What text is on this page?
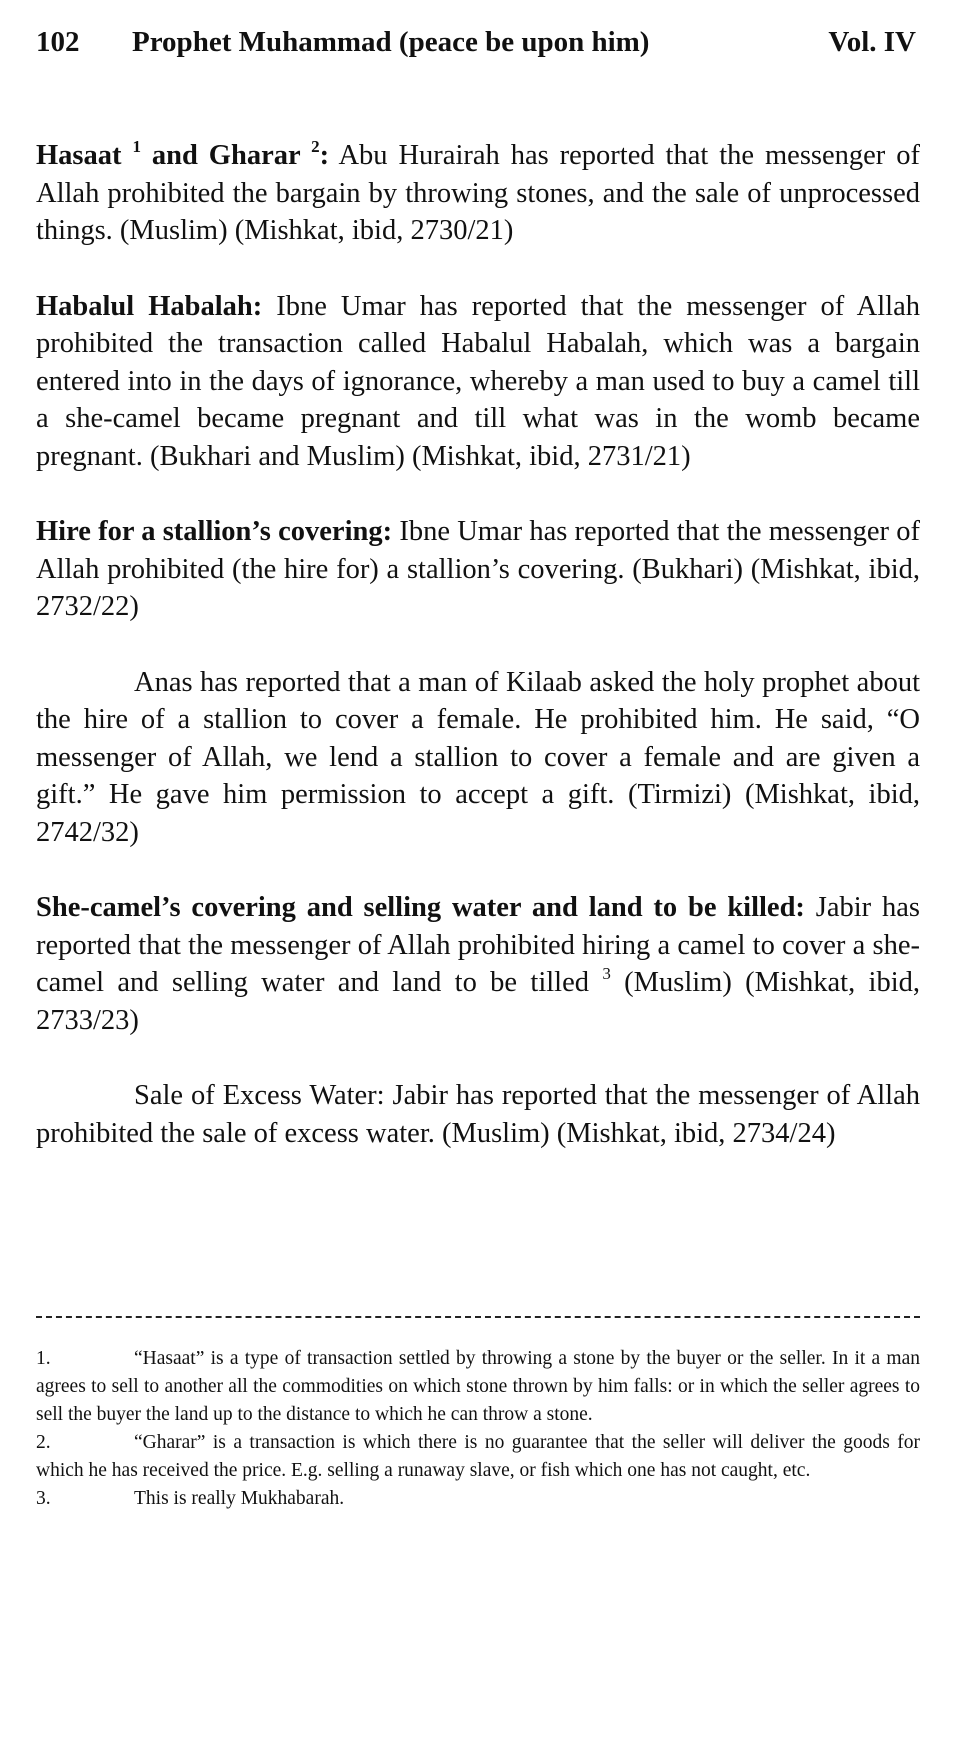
102 Prophet Muhammad (peace be upon him)	Vol. IV

Hasaat $^1$ and Gharar $^2$: Abu Hurairah has reported that the messenger of Allah prohibited the bargain by throwing stones, and the sale of unprocessed things. (Muslim) (Mishkat, ibid, 2730/21)

Habalul Habalah: Ibne Umar has reported that the messenger of Allah prohibited the transaction called Habalul Habalah, which was a bargain entered into in the days of ignorance, whereby a man used to buy a camel till a she-camel became pregnant and till what was in the womb became pregnant. (Bukhari and Muslim) (Mishkat, ibid, 2731/21)

Hire for a stallion’s covering: Ibne Umar has reported that the messenger of Allah prohibited (the hire for) a stallion’s covering. (Bukhari) (Mishkat, ibid, 2732/22)

Anas has reported that a man of Kilaab asked the holy prophet about the hire of a stallion to cover a female. He prohibited him. He said, “O messenger of Allah, we lend a stallion to cover a female and are given a gift.” He gave him permission to accept a gift. (Tirmizi) (Mishkat, ibid, 2742/32)

She-camel’s covering and selling water and land to be killed: Jabir has reported that the messenger of Allah prohibited hiring a camel to cover a she-camel and selling water and land to be tilled $^3$ (Muslim) (Mishkat, ibid, 2733/23)

Sale of Excess Water: Jabir has reported that the messenger of Allah prohibited the sale of excess water. (Muslim) (Mishkat, ibid, 2734/24)

1.	“Hasaat” is a type of transaction settled by throwing a stone by the buyer or the seller. In it a man agrees to sell to another all the commodities on which stone thrown by him falls: or in which the seller agrees to sell the buyer the land up to the distance to which he can throw a stone.

2.	“Gharar” is a transaction is which there is no guarantee that the seller will deliver the goods for which he has received the price. E.g. selling a runaway slave, or fish which one has not caught, etc.

3.	This is really Mukhabarah.
